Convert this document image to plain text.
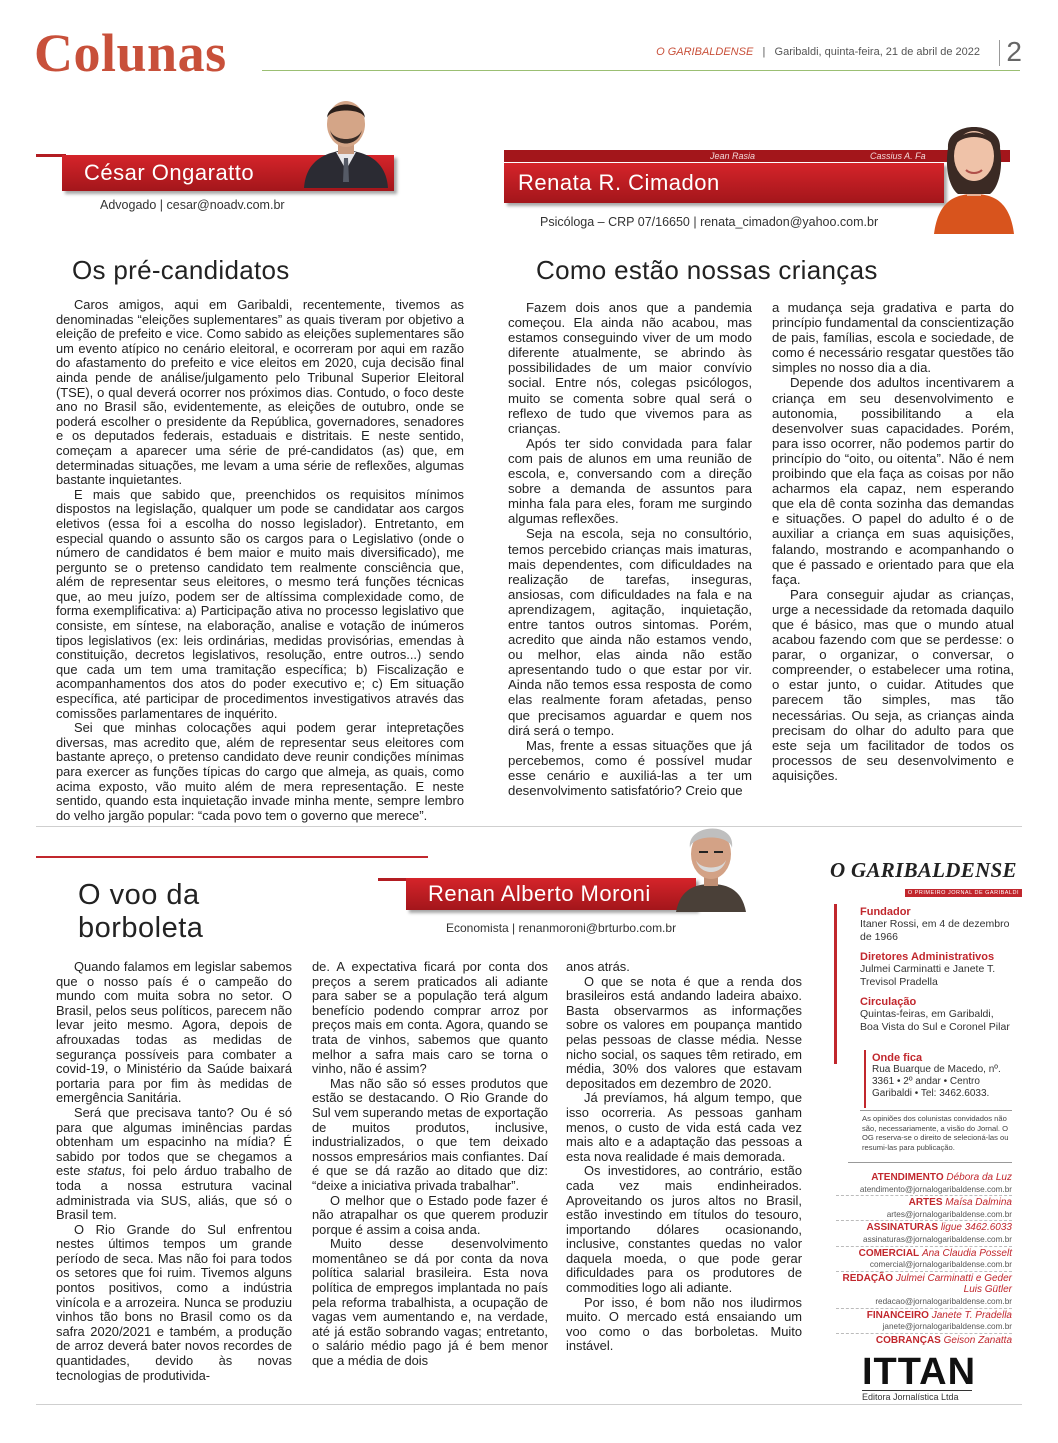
Colunas	O GARIBALDENSE   |   Garibaldi, quinta-feira, 21 de abril de 2022 2
César Ongaratto
Advogado | cesar@noadv.com.br
Os pré-candidatos

Caros amigos, aqui em Garibaldi, recentemente, tivemos as denominadas “eleições suplementares” as quais tiveram por objetivo a eleição de prefeito e vice. Como sabido as eleições suplementares são um evento atípico no cenário eleitoral, e ocorreram por aqui em razão do afastamento do prefeito e vice eleitos em 2020, cuja decisão final ainda pende de análise/julgamento pelo Tribunal Superior Eleitoral (TSE), o qual deverá ocorrer nos próximos dias. Contudo, o foco deste ano no Brasil são, evidentemente, as eleições de outubro, onde se poderá escolher o presidente da República, governadores, senadores e os deputados federais, estaduais e distritais. E neste sentido, começam a aparecer uma série de pré-candidatos (as) que, em determinadas situações, me levam a uma série de reflexões, algumas bastante inquietantes.

E mais que sabido que, preenchidos os requisitos mínimos dispostos na legislação, qualquer um pode se candidatar aos cargos eletivos (essa foi a escolha do nosso legislador). Entretanto, em especial quando o assunto são os cargos para o Legislativo (onde o número de candidatos é bem maior e muito mais diversificado), me pergunto se o pretenso candidato tem realmente consciência que, além de representar seus eleitores, o mesmo terá funções técnicas que, ao meu juízo, podem ser de altíssima complexidade como, de forma exemplificativa: a) Participação ativa no processo legislativo que consiste, em síntese, na elaboração, analise e votação de inúmeros tipos legislativos (ex: leis ordinárias, medidas provisórias, emendas à constituição, decretos legislativos, resolução, entre outros...) sendo que cada um tem uma tramitação específica; b) Fiscalização e acompanhamentos dos atos do poder executivo e; c) Em situação específica, até participar de procedimentos investigativos através das comissões parlamentares de inquérito.

Sei que minhas colocações aqui podem gerar intepretações diversas, mas acredito que, além de representar seus eleitores com bastante apreço, o pretenso candidato deve reunir condições mínimas para exercer as funções típicas do cargo que almeja, as quais, como acima exposto, vão muito além de mera representação. E neste sentido, quando esta inquietação invade minha mente, sempre lembro do velho jargão popular: “cada povo tem o governo que merece”.

Jean Rasia	Cassius A. Fa
Renata R. Cimadon
Psicóloga – CRP 07/16650 | renata_cimadon@yahoo.com.br
Como estão nossas crianças

Fazem dois anos que a pandemia começou. Ela ainda não acabou, mas estamos conseguindo viver de um modo diferente atualmente, se abrindo às possibilidades de um maior convívio social. Entre nós, colegas psicólogos, muito se comenta sobre qual será o reflexo de tudo que vivemos para as crianças.

Após ter sido convidada para falar com pais de alunos em uma reunião de escola, e, conversando com a direção sobre a demanda de assuntos para minha fala para eles, foram me surgindo algumas reflexões.

Seja na escola, seja no consultório, temos percebido crianças mais imaturas, mais dependentes, com dificuldades na realização de tarefas, inseguras, ansiosas, com dificuldades na fala e na aprendizagem, agitação, inquietação, entre tantos outros sintomas. Porém, acredito que ainda não estamos vendo, ou melhor, elas ainda não estão apresentando tudo o que estar por vir. Ainda não temos essa resposta de como elas realmente foram afetadas, penso que precisamos aguardar e quem nos dirá será o tempo.

Mas, frente a essas situações que já percebemos, como é possível mudar esse cenário e auxiliá-las a ter um desenvolvimento satisfatório? Creio que

a mudança seja gradativa e parta do princípio fundamental da conscientização de pais, famílias, escola e sociedade, de como é necessário resgatar questões tão simples no nosso dia a dia.

Depende dos adultos incentivarem a criança em seu desenvolvimento e autonomia, possibilitando a ela desenvolver suas capacidades. Porém, para isso ocorrer, não podemos partir do princípio do “oito, ou oitenta”. Não é nem proibindo que ela faça as coisas por não acharmos ela capaz, nem esperando que ela dê conta sozinha das demandas e situações. O papel do adulto é o de auxiliar a criança em suas aquisições, falando, mostrando e acompanhando o que é passado e orientado para que ela faça.

Para conseguir ajudar as crianças, urge a necessidade da retomada daquilo que é básico, mas que o mundo atual acabou fazendo com que se perdesse: o parar, o organizar, o conversar, o compreender, o estabelecer uma rotina, o estar junto, o cuidar. Atitudes que parecem tão simples, mas tão necessárias. Ou seja, as crianças ainda precisam do olhar do adulto para que este seja um facilitador de todos os processos de seu desenvolvimento e aquisições.

O voo da
borboleta
Renan Alberto Moroni
Economista | renanmoroni@brturbo.com.br

Quando falamos em legislar sabemos que o nosso país é o campeão do mundo com muita sobra no setor. O Brasil, pelos seus políticos, parecem não levar jeito mesmo. Agora, depois de afrouxadas todas as medidas de segurança possíveis para combater a covid-19, o Ministério da Saúde baixará portaria para por fim às medidas de emergência Sanitária.

Será que precisava tanto? Ou é só para que algumas iminências pardas obtenham um espacinho na mídia? É sabido por todos que se chegamos a este status, foi pelo árduo trabalho de toda a nossa estrutura vacinal administrada via SUS, aliás, que só o Brasil tem.

O Rio Grande do Sul enfrentou nestes últimos tempos um grande período de seca. Mas não foi para todos os setores que foi ruim. Tivemos alguns pontos positivos, como a indústria vinícola e a arrozeira. Nunca se produziu vinhos tão bons no Brasil como os da safra 2020/2021 e também, a produção de arroz deverá bater novos recordes de quantidades, devido às novas tecnologias de produtivida-

de. A expectativa ficará por conta dos preços a serem praticados ali adiante para saber se a população terá algum benefício podendo comprar arroz por preços mais em conta. Agora, quando se trata de vinhos, sabemos que quanto melhor a safra mais caro se torna o vinho, não é assim?

Mas não são só esses produtos que estão se destacando. O Rio Grande do Sul vem superando metas de exportação de muitos produtos, inclusive, industrializados, o que tem deixado nossos empresários mais confiantes. Daí é que se dá razão ao ditado que diz: “deixe a iniciativa privada trabalhar”.

O melhor que o Estado pode fazer é não atrapalhar os que querem produzir porque é assim a coisa anda.

Muito desse desenvolvimento momentâneo se dá por conta da nova política salarial brasileira. Esta nova política de empregos implantada no país pela reforma trabalhista, a ocupação de vagas vem aumentando e, na verdade, até já estão sobrando vagas; entretanto, o salário médio pago já é bem menor que a média de dois

anos atrás.

O que se nota é que a renda dos brasileiros está andando ladeira abaixo. Basta observarmos as informações sobre os valores em poupança mantido pelas pessoas de classe média. Nesse nicho social, os saques têm retirado, em média, 30% dos valores que estavam depositados em dezembro de 2020.

Já prevíamos, há algum tempo, que isso ocorreria. As pessoas ganham menos, o custo de vida está cada vez mais alto e a adaptação das pessoas a esta nova realidade é mais demorada.

Os investidores, ao contrário, estão cada vez mais endinheirados. Aproveitando os juros altos no Brasil, estão investindo em títulos do tesouro, importando dólares ocasionando, inclusive, constantes quedas no valor daquela moeda, o que pode gerar dificuldades para os produtores de commodities logo ali adiante.

Por isso, é bom não nos iludirmos muito. O mercado está ensaiando um voo como o das borboletas. Muito instável.

O GARIBALDENSE
O PRIMEIRO JORNAL DE GARIBALDI
Fundador
Itaner Rossi, em 4 de dezembro de 1966
Diretores Administrativos
Julmei Carminatti e Janete T. Trevisol Pradella
Circulação
Quintas-feiras, em Garibaldi, Boa Vista do Sul e Coronel Pilar
Onde fica
Rua Buarque de Macedo, nº. 3361 • 2º andar • Centro Garibaldi • Tel: 3462.6033.
As opiniões dos colunistas convidados não são, necessariamente, a visão do Jornal. O OG reserva-se o direito de selecioná-las ou resumi-las para publicação.
ATENDIMENTO Débora da Luz
atendimento@jornalogaribaldense.com.br
ARTES Maísa Dalmina
artes@jornalogaribaldense.com.br
ASSINATURAS ligue 3462.6033
assinaturas@jornalogaribaldense.com.br
COMERCIAL Ana Claudia Posselt
comercial@jornalogaribaldense.com.br
REDAÇÃO Julmei Carminatti e Geder Luis Gütler
redacao@jornalogaribaldense.com.br
FINANCEIRO Janete T. Pradella
janete@jornalogaribaldense.com.br
COBRANÇAS Geison Zanatta
ITTAN
Editora Jornalística Ltda
